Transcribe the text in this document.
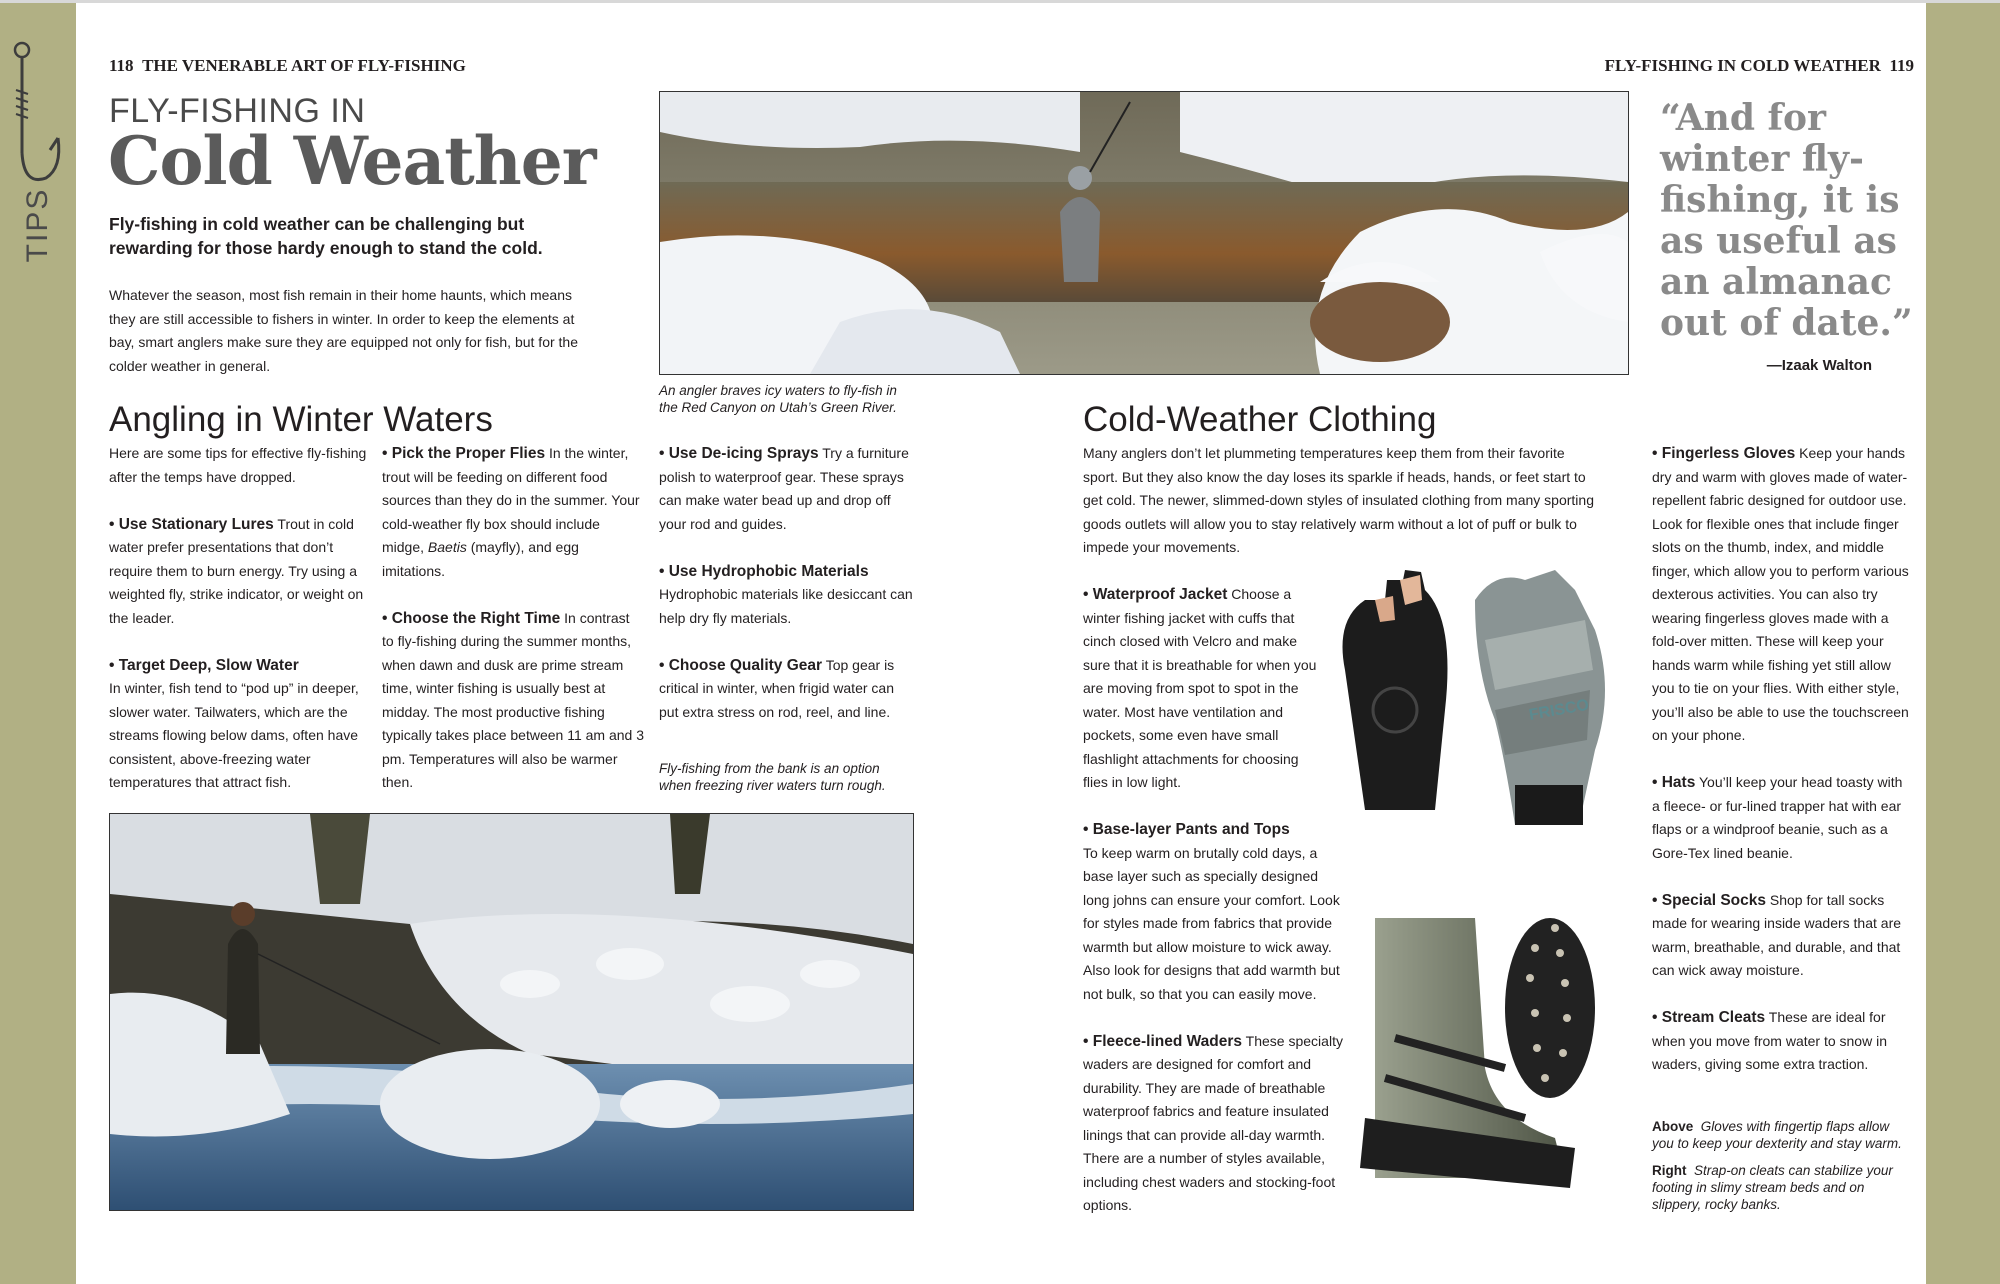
TIPS
118 THE VENERABLE ART OF FLY-FISHING	FLY-FISHING IN COLD WEATHER 119
FLY-FISHING IN
Cold Weather
Fly-fishing in cold weather can be challenging but rewarding for those hardy enough to stand the cold.
Whatever the season, most fish remain in their home haunts, which means they are still accessible to fishers in winter. In order to keep the elements at bay, smart anglers make sure they are equipped not only for fish, but for the colder weather in general.
An angler braves icy waters to fly-fish in the Red Canyon on Utah’s Green River.
“And for winter fly-fishing, it is as useful as an almanac out of date.”
—Izaak Walton
Angling in Winter Waters

Here are some tips for effective fly-fishing after the temps have dropped.

• Use Stationary Lures Trout in cold water prefer presentations that don’t require them to burn energy. Try using a weighted fly, strike indicator, or weight on the leader.

• Target Deep, Slow Water
In winter, fish tend to “pod up” in deeper, slower water. Tailwaters, which are the streams flowing below dams, often have consistent, above-freezing water temperatures that attract fish.

• Pick the Proper Flies In the winter, trout will be feeding on different food sources than they do in the summer. Your cold-weather fly box should include midge, Baetis (mayfly), and egg imitations.

• Choose the Right Time In contrast to fly-fishing during the summer months, when dawn and dusk are prime stream time, winter fishing is usually best at midday. The most productive fishing typically takes place between 11 am and 3 pm. Temperatures will also be warmer then.

• Use De-icing Sprays Try a furniture polish to waterproof gear. These sprays can make water bead up and drop off your rod and guides.

• Use Hydrophobic Materials
Hydrophobic materials like desiccant can help dry fly materials.

• Choose Quality Gear Top gear is critical in winter, when frigid water can put extra stress on rod, reel, and line.

Fly-fishing from the bank is an option when freezing river waters turn rough.
Cold-Weather Clothing
Many anglers don’t let plummeting temperatures keep them from their favorite sport. But they also know the day loses its sparkle if heads, hands, or feet start to get cold. The newer, slimmed-down styles of insulated clothing from many sporting goods outlets will allow you to stay relatively warm without a lot of puff or bulk to impede your movements.

• Waterproof Jacket Choose a winter fishing jacket with cuffs that cinch closed with Velcro and make sure that it is breathable for when you are moving from spot to spot in the water. Most have ventilation and pockets, some even have small flashlight attachments for choosing flies in low light.

• Base-layer Pants and Tops
To keep warm on brutally cold days, a base layer such as specially designed long johns can ensure your comfort. Look for styles made from fabrics that provide warmth but allow moisture to wick away. Also look for designs that add warmth but not bulk, so that you can easily move.

• Fleece-lined Waders These specialty waders are designed for comfort and durability. They are made of breathable waterproof fabrics and feature insulated linings that can provide all-day warmth. There are a number of styles available, including chest waders and stocking-foot options.

FRISCO

• Fingerless Gloves Keep your hands dry and warm with gloves made of water-repellent fabric designed for outdoor use. Look for flexible ones that include finger slots on the thumb, index, and middle finger, which allow you to perform various dexterous activities. You can also try wearing fingerless gloves made with a fold-over mitten. These will keep your hands warm while fishing yet still allow you to tie on your flies. With either style, you’ll also be able to use the touchscreen on your phone.

• Hats You’ll keep your head toasty with a fleece- or fur-lined trapper hat with ear flaps or a windproof beanie, such as a Gore-Tex lined beanie.

• Special Socks Shop for tall socks made for wearing inside waders that are warm, breathable, and durable, and that can wick away moisture.

• Stream Cleats These are ideal for when you move from water to snow in waders, giving some extra traction.

Above Gloves with fingertip flaps allow you to keep your dexterity and stay warm.
Right Strap-on cleats can stabilize your footing in slimy stream beds and on slippery, rocky banks.
